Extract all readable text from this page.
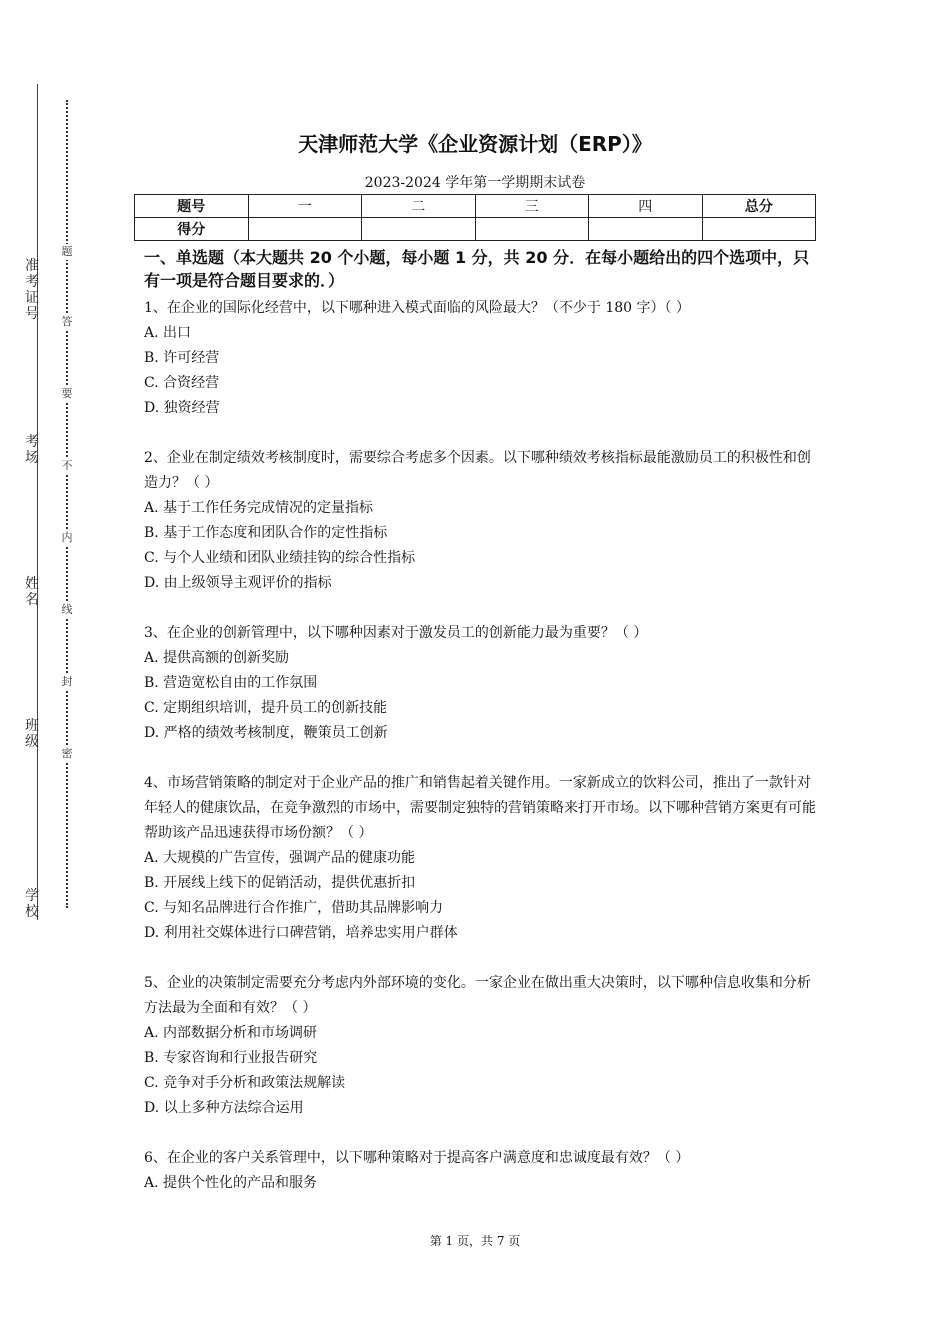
准考证号
考场
姓名
班级
学校
题
答
要
不
内
线
封
密
天津师范大学《企业资源计划（ERP）》
2023-2024 学年第一学期期末试卷
题号	一	二	三	四	总分
得分					
一、单选题（本大题共 20 个小题，每小题 1 分，共 20 分．在每小题给出的四个选项中，只有一项是符合题目要求的．）

1、在企业的国际化经营中，以下哪种进入模式面临的风险最大？（不少于 180 字）（ ）

A. 出口

B. 许可经营

C. 合资经营

D. 独资经营

2、企业在制定绩效考核制度时，需要综合考虑多个因素。以下哪种绩效考核指标最能激励员工的积极性和创造力？（ ）

A. 基于工作任务完成情况的定量指标

B. 基于工作态度和团队合作的定性指标

C. 与个人业绩和团队业绩挂钩的综合性指标

D. 由上级领导主观评价的指标

3、在企业的创新管理中，以下哪种因素对于激发员工的创新能力最为重要？（ ）

A. 提供高额的创新奖励

B. 营造宽松自由的工作氛围

C. 定期组织培训，提升员工的创新技能

D. 严格的绩效考核制度，鞭策员工创新

4、市场营销策略的制定对于企业产品的推广和销售起着关键作用。一家新成立的饮料公司，推出了一款针对年轻人的健康饮品，在竞争激烈的市场中，需要制定独特的营销策略来打开市场。以下哪种营销方案更有可能帮助该产品迅速获得市场份额？（ ）

A. 大规模的广告宣传，强调产品的健康功能

B. 开展线上线下的促销活动，提供优惠折扣

C. 与知名品牌进行合作推广，借助其品牌影响力

D. 利用社交媒体进行口碑营销，培养忠实用户群体

5、企业的决策制定需要充分考虑内外部环境的变化。一家企业在做出重大决策时，以下哪种信息收集和分析方法最为全面和有效？（ ）

A. 内部数据分析和市场调研

B. 专家咨询和行业报告研究

C. 竞争对手分析和政策法规解读

D. 以上多种方法综合运用

6、在企业的客户关系管理中，以下哪种策略对于提高客户满意度和忠诚度最有效？（ ）

A. 提供个性化的产品和服务

第 1 页，共 7 页
